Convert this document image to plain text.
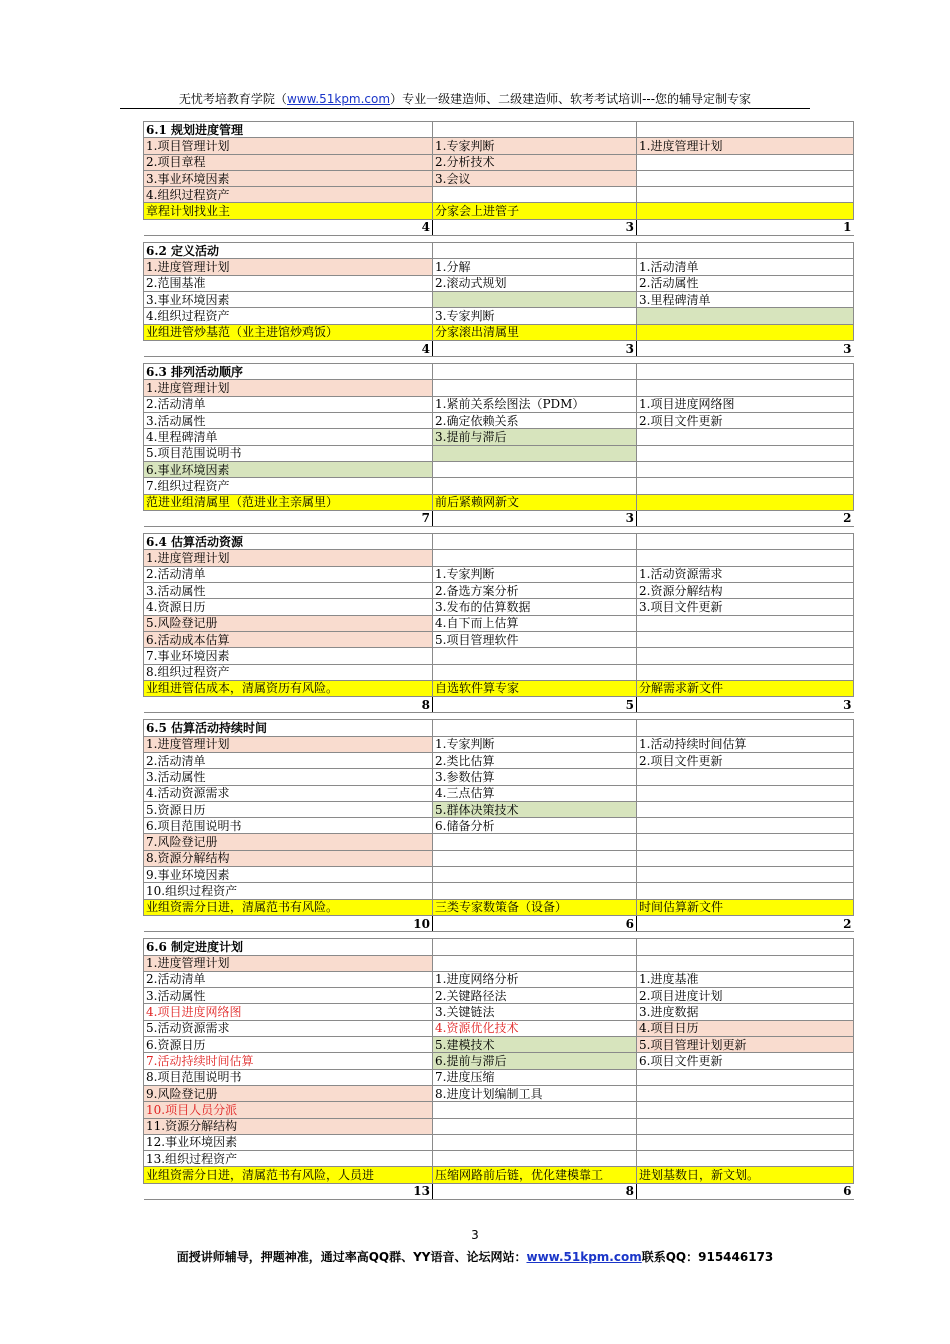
无忧考培教育学院（www.51kpm.com）专业一级建造师、二级建造师、软考考试培训---您的辅导定制专家
6.1 规划进度管理		
1.项目管理计划	1.专家判断	1.进度管理计划
2.项目章程	2.分析技术	
3.事业环境因素	3.会议	
4.组织过程资产		
章程计划找业主	分家会上进管子	
4	3	1
6.2 定义活动		
1.进度管理计划	1.分解	1.活动清单
2.范围基准	2.滚动式规划	2.活动属性
3.事业环境因素		3.里程碑清单
4.组织过程资产	3.专家判断	
业组进管炒基范（业主进馆炒鸡饭）	分家滚出清属里	
4	3	3
6.3 排列活动顺序		
1.进度管理计划		
2.活动清单	1.紧前关系绘图法（PDM）	1.项目进度网络图
3.活动属性	2.确定依赖关系	2.项目文件更新
4.里程碑清单	3.提前与滞后	
5.项目范围说明书		
6.事业环境因素		
7.组织过程资产		
范进业组清属里（范进业主亲属里）	前后紧赖网新文	
7	3	2
6.4 估算活动资源		
1.进度管理计划		
2.活动清单	1.专家判断	1.活动资源需求
3.活动属性	2.备选方案分析	2.资源分解结构
4.资源日历	3.发布的估算数据	3.项目文件更新
5.风险登记册	4.自下而上估算	
6.活动成本估算	5.项目管理软件	
7.事业环境因素		
8.组织过程资产		
业组进管估成本，清属资历有风险。	自选软件算专家	分解需求新文件
8	5	3
6.5 估算活动持续时间		
1.进度管理计划	1.专家判断	1.活动持续时间估算
2.活动清单	2.类比估算	2.项目文件更新
3.活动属性	3.参数估算	
4.活动资源需求	4.三点估算	
5.资源日历	5.群体决策技术	
6.项目范围说明书	6.储备分析	
7.风险登记册		
8.资源分解结构		
9.事业环境因素		
10.组织过程资产		
业组资需分日进，清属范书有风险。	三类专家数策备（设备）	时间估算新文件
10	6	2
6.6 制定进度计划		
1.进度管理计划		
2.活动清单	1.进度网络分析	1.进度基准
3.活动属性	2.关键路径法	2.项目进度计划
4.项目进度网络图	3.关键链法	3.进度数据
5.活动资源需求	4.资源优化技术	4.项目日历
6.资源日历	5.建模技术	5.项目管理计划更新
7.活动持续时间估算	6.提前与滞后	6.项目文件更新
8.项目范围说明书	7.进度压缩	
9.风险登记册	8.进度计划编制工具	
10.项目人员分派		
11.资源分解结构		
12.事业环境因素		
13.组织过程资产		
业组资需分日进，清属范书有风险，人员进	压缩网路前后链，优化建模靠工	进划基数日，新文划。
13	8	6
3
面授讲师辅导，押题神准，通过率高QQ群、YY语音、论坛网站：www.51kpm.com联系QQ：915446173
